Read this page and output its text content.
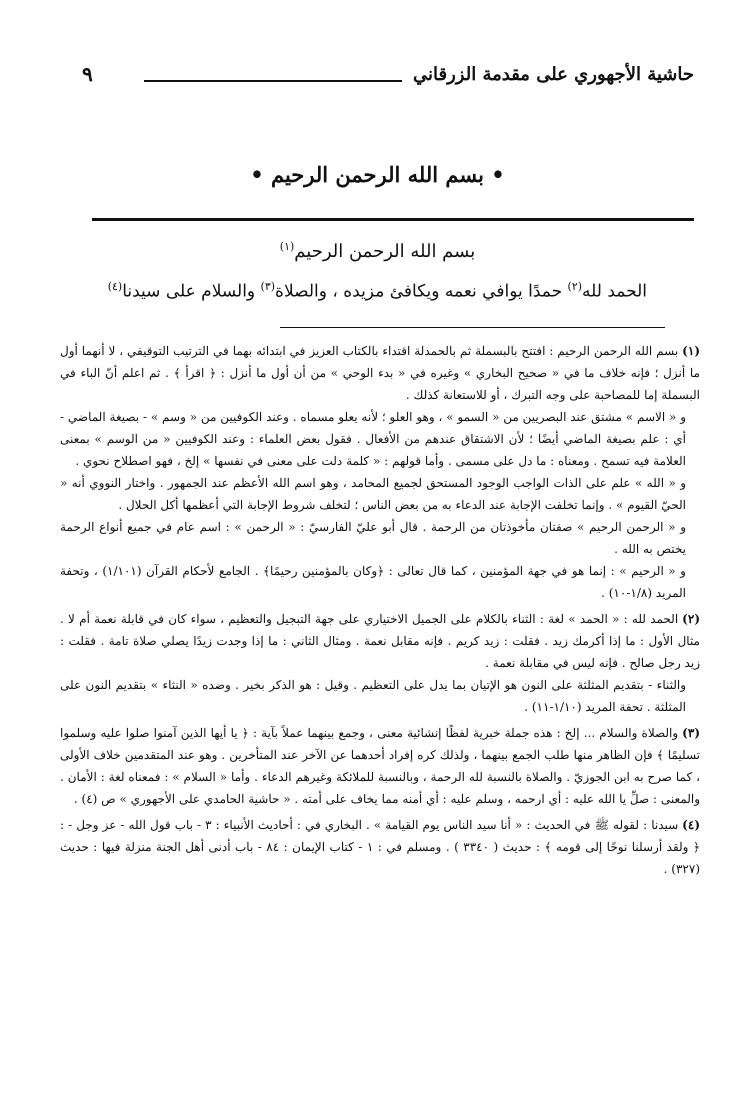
حاشية الأجهوري على مقدمة الزرقاني
٩
• بسم الله الرحمن الرحيم •
بسم الله الرحمن الرحيم$^{(١)}$
الحمد لله$^{(٢)}$ حمدًا يوافي نعمه ويكافئ مزيده ، والصلاة$^{(٣)}$ والسلام على سيدنا$^{(٤)}$

(١)بسم الله الرحمن الرحيم : افتتح بالبسملة ثم بالحمدلة اقتداء بالكتاب العزيز في ابتدائه بهما في الترتيب التوقيفي ، لا أنهما أول ما أنزل ؛ فإنه خلاف ما في « صحيح البخاري » وغيره في « بدء الوحي » من أن أول ما أنزل : ﴿ اقرأ ﴾ . ثم اعلم أنّ الباء في البسملة إما للمصاحبة على وجه التبرك ، أو للاستعانة كذلك .

و « الاسم » مشتق عند البصريين من « السمو » ، وهو العلو ؛ لأنه يعلو مسماه . وعند الكوفيين من « وسم » - بصيغة الماضي - أي : علم بصيغة الماضي أيضًا ؛ لأن الاشتقاق عندهم من الأفعال . فقول بعض العلماء : وعند الكوفيين « من الوسم » بمعنى العلامة فيه تسمح . ومعناه : ما دل على مسمى . وأما قولهم : « كلمة دلت على معنى في نفسها » إلخ ، فهو اصطلاح نحوي .

و « الله » علم على الذات الواجب الوجود المستحق لجميع المحامد ، وهو اسم الله الأعظم عند الجمهور . واختار النووي أنه « الحيّ القيوم » . وإنما تخلفت الإجابة عند الدعاء به من بعض الناس ؛ لتخلف شروط الإجابة التي أعظمها أكل الحلال .

و « الرحمن الرحيم » صفتان مأخوذتان من الرحمة . قال أبو عليّ الفارسيّ : « الرحمن » : اسم عام في جميع أنواع الرحمة يختص به الله .

و « الرحيم » : إنما هو في جهة المؤمنين ، كما قال تعالى : ﴿وكان بالمؤمنين رحيمًا﴾ . الجامع لأحكام القرآن (١/١٠١) ، وتحفة المريد (١/٨-١٠) .

(٢)الحمد لله : « الحمد » لغة : الثناء بالكلام على الجميل الاختياري على جهة التبجيل والتعظيم ، سواء كان في قابلة نعمة أم لا . مثال الأول : ما إذا أكرمك زيد . فقلت : زيد كريم . فإنه مقابل نعمة . ومثال الثاني : ما إذا وجدت زيدًا يصلي صلاة تامة . فقلت : زيد رجل صالح . فإنه ليس في مقابلة نعمة .

والثناء - بتقديم المثلثة على النون هو الإتيان بما يدل على التعظيم . وقيل : هو الذكر بخير . وضده « النثاء » بتقديم النون على المثلثة . تحفة المريد (١/١٠-١١) .

(٣)والصلاة والسلام ... إلخ : هذه جملة خبرية لفظًا إنشائية معنى ، وجمع بينهما عملاً بآية : ﴿ يا أيها الذين آمنوا صلوا عليه وسلموا تسليمًا ﴾ فإن الظاهر منها طلب الجمع بينهما ، ولذلك كره إفراد أحدهما عن الآخر عند المتأخرين . وهو عند المتقدمين خلاف الأولى ، كما صرح به ابن الجوزيّ . والصلاة بالنسبة لله الرحمة ، وبالنسبة للملائكة وغيرهم الدعاء . وأما « السلام » : فمعناه لغة : الأمان . والمعنى : صلِّ يا الله عليه : أي ارحمه ، وسلم عليه : أي أمنه مما يخاف على أمته . « حاشية الحامدي على الأجهوري » ص (٤) .

(٤)سيدنا : لقوله ﷺ في الحديث : « أنا سيد الناس يوم القيامة » . البخاري في : أحاديث الأنبياء : ٣ - باب قول الله - عز وجل - : ﴿ ولقد أرسلنا نوحًا إلى قومه ﴾ : حديث ( ٣٣٤٠ ) . ومسلم في : ١ - كتاب الإيمان : ٨٤ - باب أدنى أهل الجنة منزلة فيها : حديث (٣٢٧) .
